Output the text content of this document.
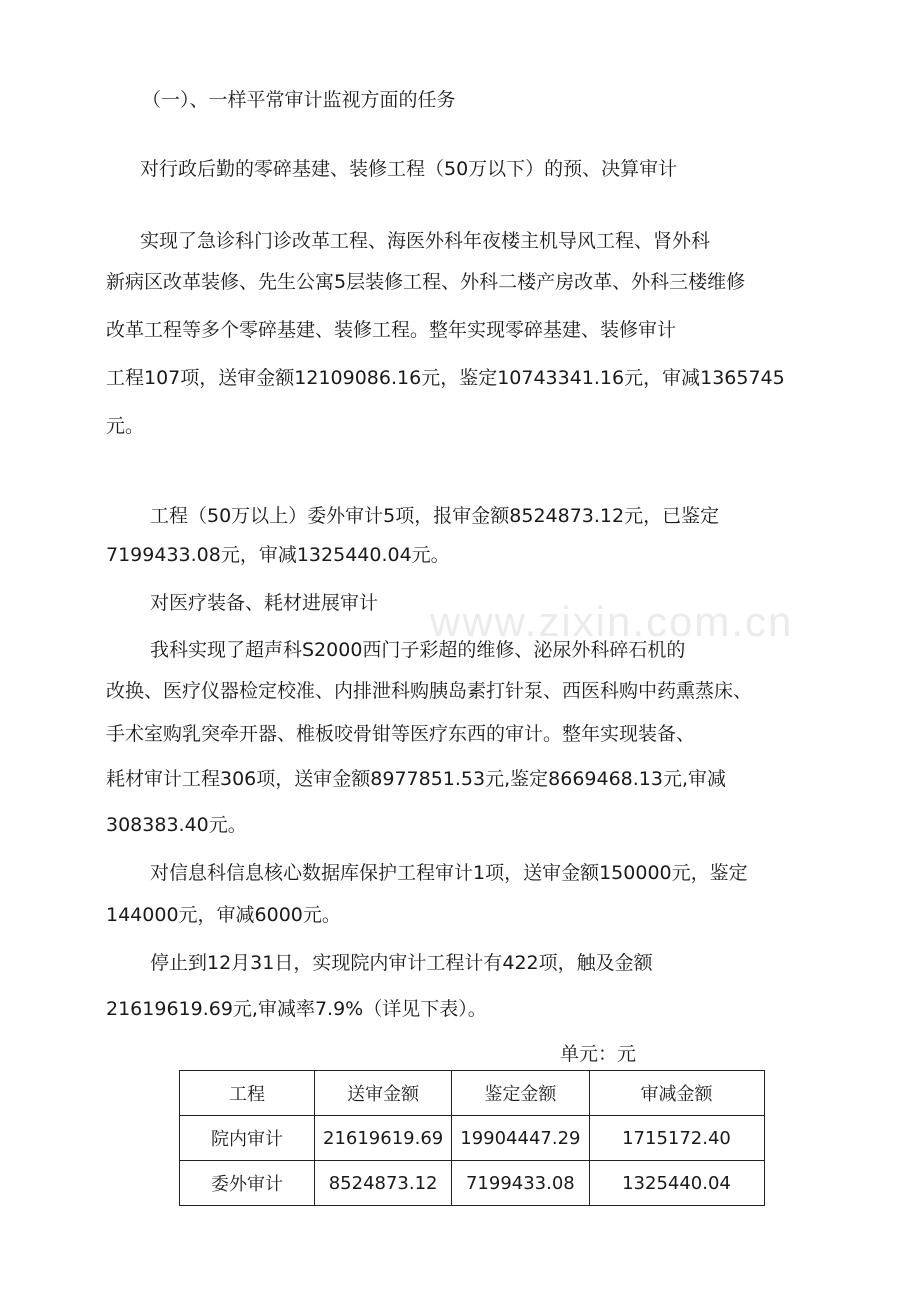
www.zixin.com.cn
（一）、一样平常审计监视方面的任务
对行政后勤的零碎基建、装修工程（50万以下）的预、决算审计
实现了急诊科门诊改革工程、海医外科年夜楼主机导风工程、肾外科
新病区改革装修、先生公寓5层装修工程、外科二楼产房改革、外科三楼维修
改革工程等多个零碎基建、装修工程。整年实现零碎基建、装修审计
工程107项，送审金额12109086.16元，鉴定10743341.16元，审减1365745
元。
工程（50万以上）委外审计5项，报审金额8524873.12元，已鉴定
7199433.08元，审减1325440.04元。
对医疗装备、耗材进展审计
我科实现了超声科S2000西门子彩超的维修、泌尿外科碎石机的
改换、医疗仪器检定校准、内排泄科购胰岛素打针泵、西医科购中药熏蒸床、
手术室购乳突牵开器、椎板咬骨钳等医疗东西的审计。整年实现装备、
耗材审计工程306项，送审金额8977851.53元,鉴定8669468.13元,审减
308383.40元。
对信息科信息核心数据库保护工程审计1项，送审金额150000元，鉴定
144000元，审减6000元。
停止到12月31日，实现院内审计工程计有422项，触及金额
21619619.69元,审减率7.9%（详见下表）。
单元：元
工程	送审金额	鉴定金额	审减金额
院内审计	21619619.69	19904447.29	1715172.40
委外审计	8524873.12	7199433.08	1325440.04
